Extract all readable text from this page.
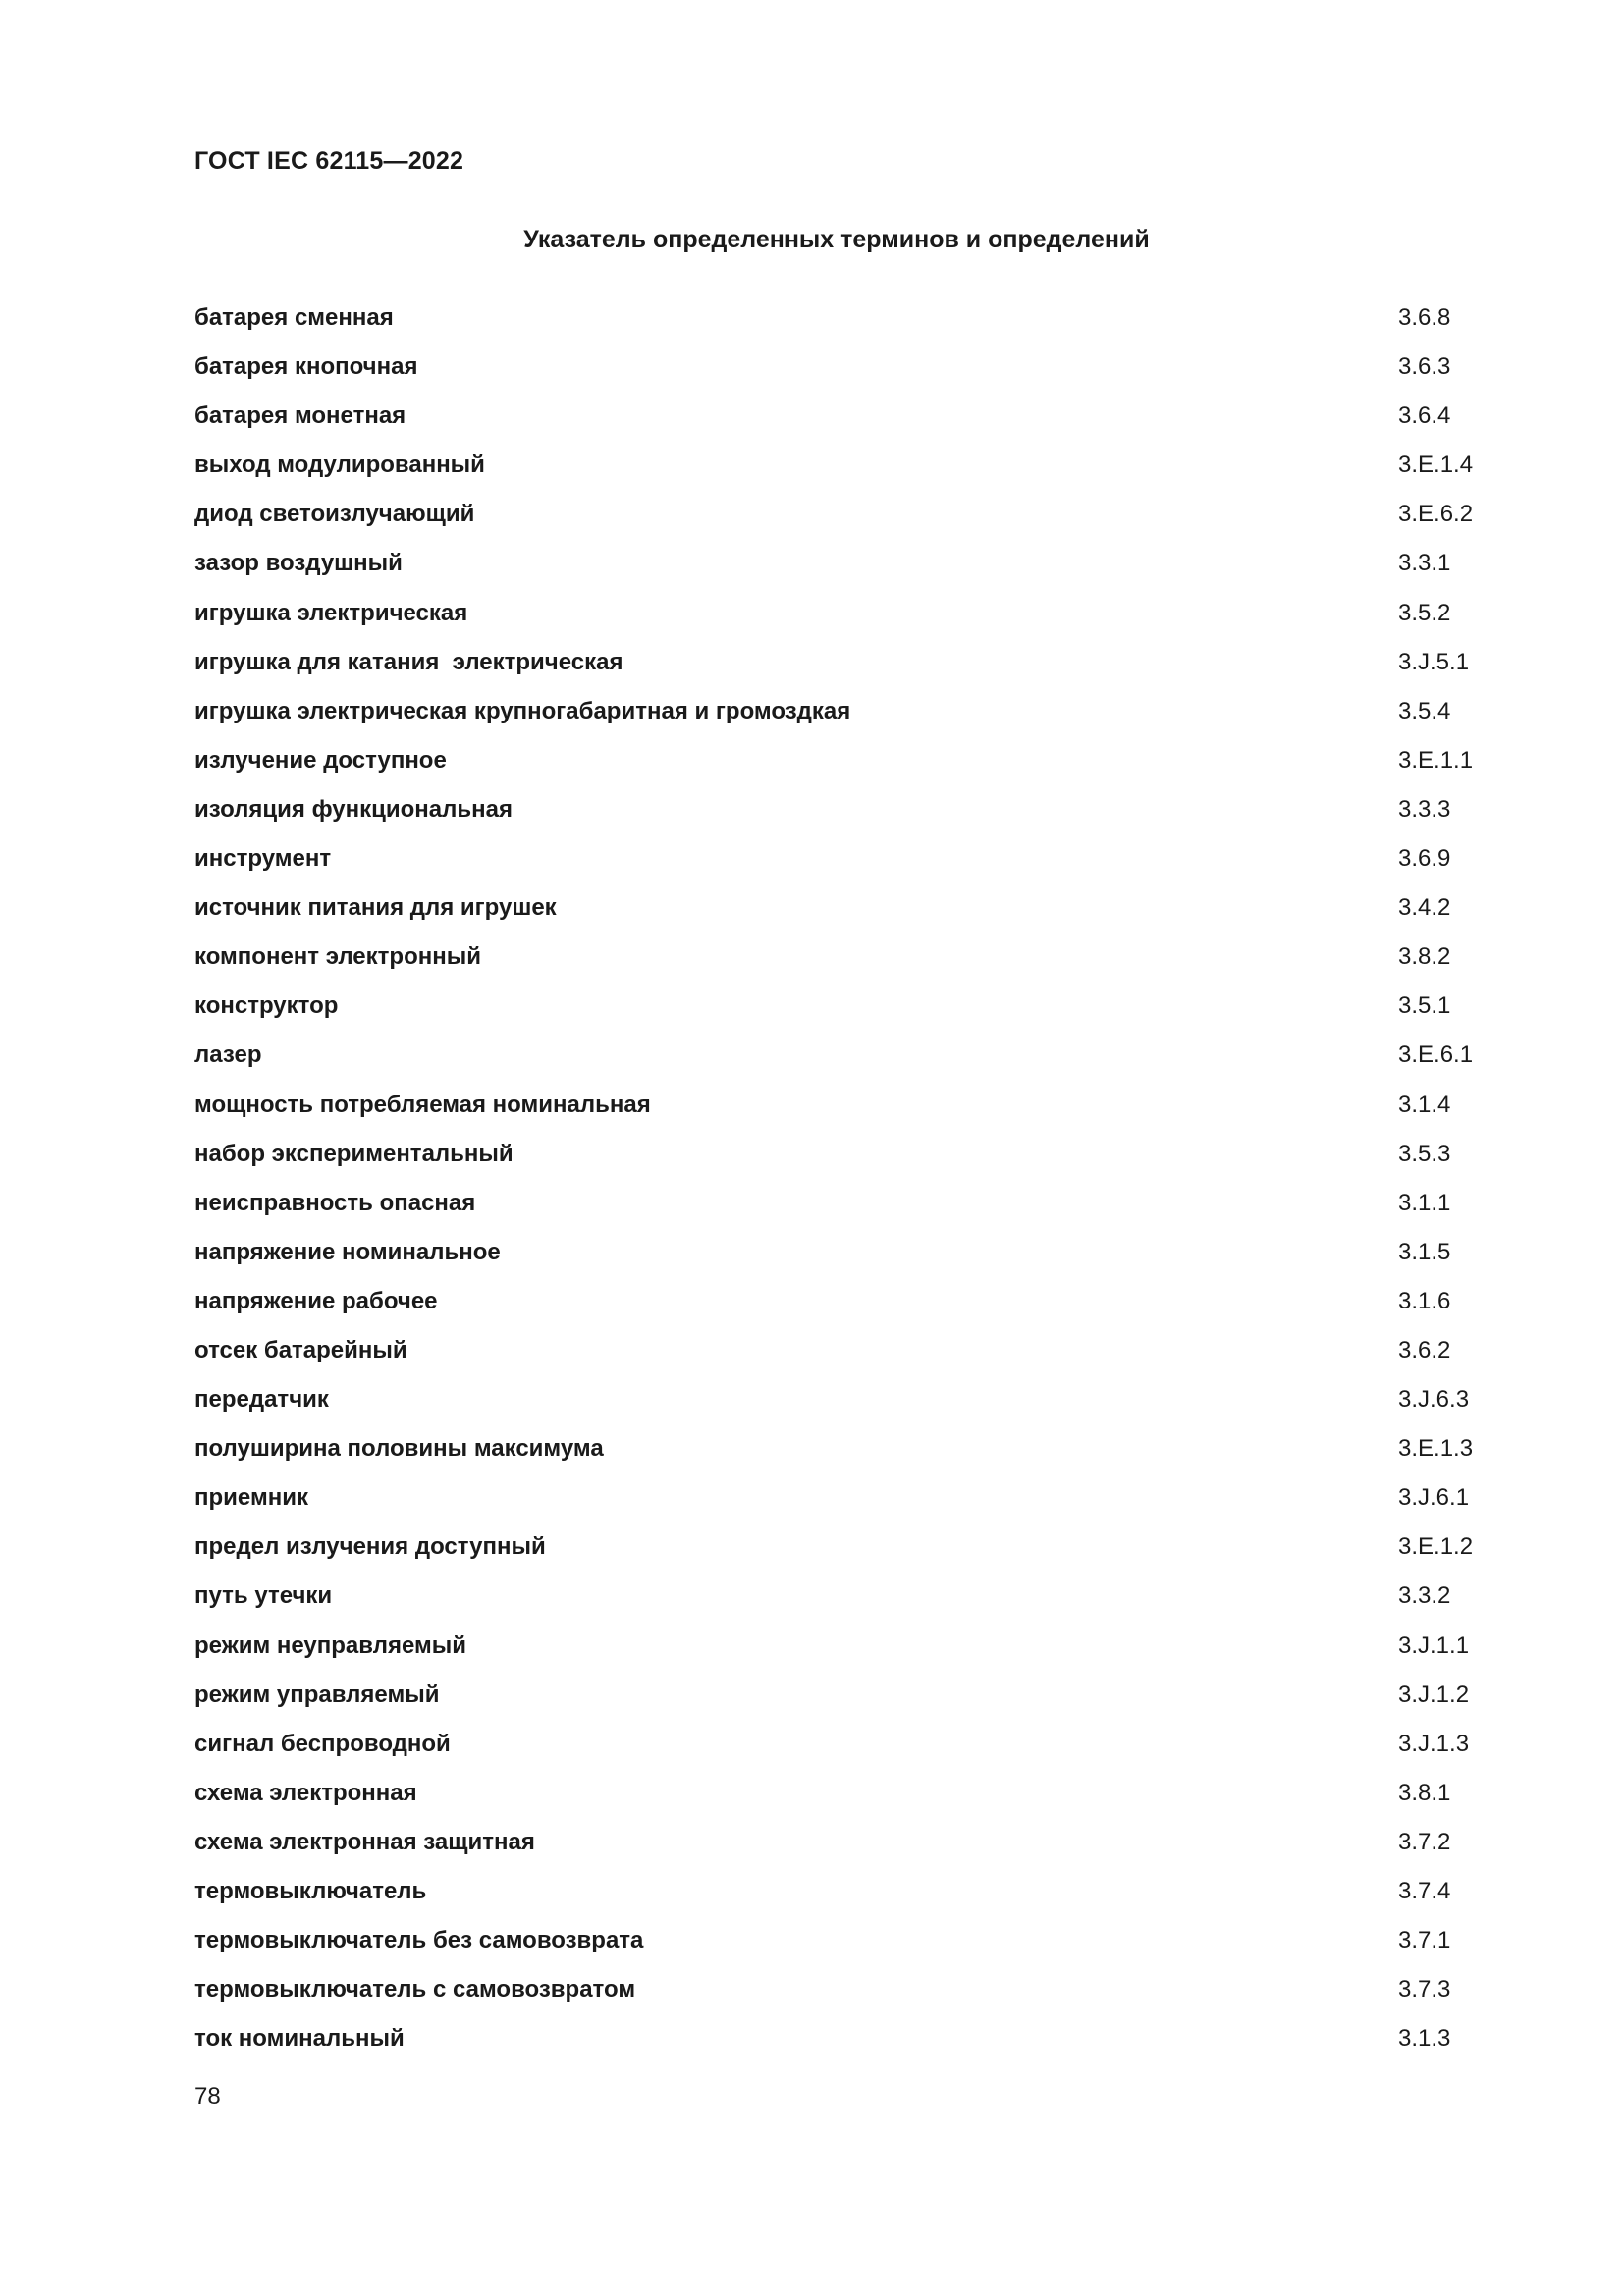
ГОСТ IEC 62115—2022
Указатель определенных терминов и определений
батарея сменная	3.6.8
батарея кнопочная	3.6.3
батарея монетная	3.6.4
выход модулированный	3.E.1.4
диод светоизлучающий	3.E.6.2
зазор воздушный	3.3.1
игрушка электрическая	3.5.2
игрушка для катания  электрическая	3.J.5.1
игрушка электрическая крупногабаритная и громоздкая	3.5.4
излучение доступное	3.E.1.1
изоляция функциональная	3.3.3
инструмент	3.6.9
источник питания для игрушек	3.4.2
компонент электронный	3.8.2
конструктор	3.5.1
лазер	3.E.6.1
мощность потребляемая номинальная	3.1.4
набор экспериментальный	3.5.3
неисправность опасная	3.1.1
напряжение номинальное	3.1.5
напряжение рабочее	3.1.6
отсек батарейный	3.6.2
передатчик	3.J.6.3
полуширина половины максимума	3.E.1.3
приемник	3.J.6.1
предел излучения доступный	3.E.1.2
путь утечки	3.3.2
режим неуправляемый	3.J.1.1
режим управляемый	3.J.1.2
сигнал беспроводной	3.J.1.3
схема электронная	3.8.1
схема электронная защитная	3.7.2
термовыключатель	3.7.4
термовыключатель без самовозврата	3.7.1
термовыключатель с самовозвратом	3.7.3
ток номинальный	3.1.3
78
